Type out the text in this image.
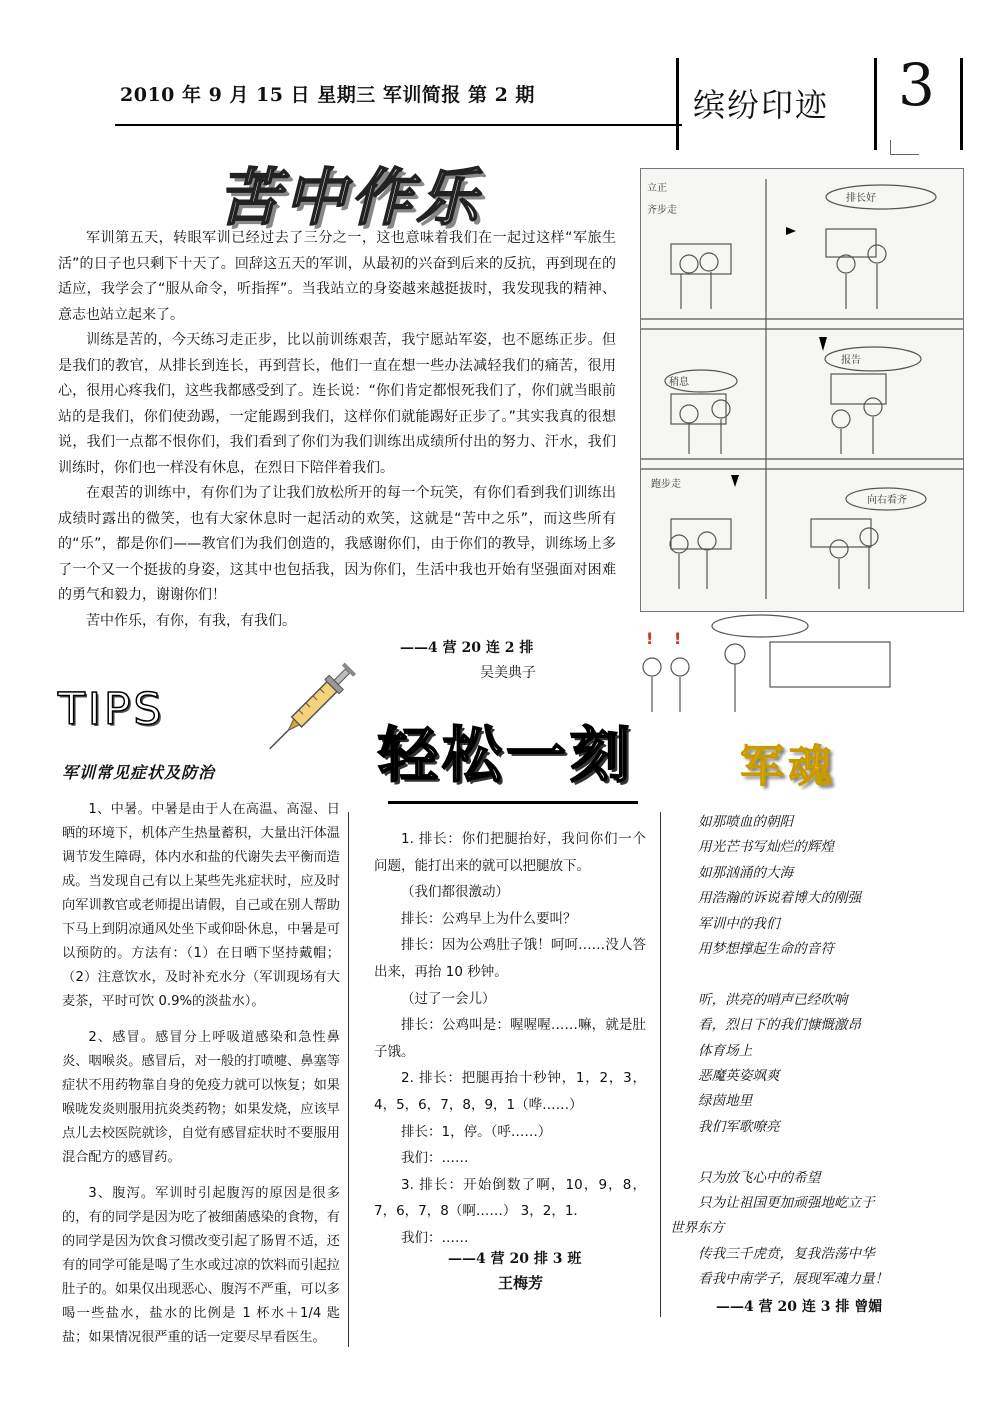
2010 年 9 月 15 日 星期三 军训简报 第 2 期	缤纷印迹 3
苦中作乐

军训第五天，转眼军训已经过去了三分之一，这也意味着我们在一起过这样“军旅生活”的日子也只剩下十天了。回辞这五天的军训，从最初的兴奋到后来的反抗，再到现在的适应，我学会了“服从命令，听指挥”。当我站立的身姿越来越挺拔时，我发现我的精神、意志也站立起来了。

训练是苦的，今天练习走正步，比以前训练艰苦，我宁愿站军姿，也不愿练正步。但是我们的教官，从排长到连长，再到营长，他们一直在想一些办法减轻我们的痛苦，很用心，很用心疼我们，这些我都感受到了。连长说：“你们肯定都恨死我们了，你们就当眼前站的是我们，你们使劲踢，一定能踢到我们，这样你们就能踢好正步了。”其实我真的很想说，我们一点都不恨你们，我们看到了你们为我们训练出成绩所付出的努力、汗水，我们训练时，你们也一样没有休息，在烈日下陪伴着我们。

在艰苦的训练中，有你们为了让我们放松所开的每一个玩笑，有你们看到我们训练出成绩时露出的微笑，也有大家休息时一起活动的欢笑，这就是“苦中之乐”，而这些所有的“乐”，都是你们——教官们为我们创造的，我感谢你们，由于你们的教导，训练场上多了一个又一个挺拔的身姿，这其中也包括我，因为你们，生活中我也开始有坚强面对困难的勇气和毅力，谢谢你们！

苦中作乐，有你，有我，有我们。

——4 营 20 连 2 排
吴美典子
立正
齐步走
排长好
稍息
报告
向右看齐
跑步走
! !
TIPS
军训常见症状及防治

1、中暑。中暑是由于人在高温、高湿、日晒的环境下，机体产生热量蓄积，大量出汗体温调节发生障碍，体内水和盐的代谢失去平衡而造成。当发现自己有以上某些先兆症状时，应及时向军训教官或老师提出请假，自己或在别人帮助下马上到阴凉通风处坐下或仰卧休息，中暑是可以预防的。方法有：（1）在日晒下坚持戴帽；（2）注意饮水，及时补充水分（军训现场有大麦茶，平时可饮 0.9%的淡盐水）。

2、感冒。感冒分上呼吸道感染和急性鼻炎、咽喉炎。感冒后，对一般的打喷嚏、鼻塞等症状不用药物靠自身的免疫力就可以恢复；如果喉咙发炎则服用抗炎类药物；如果发烧，应该早点儿去校医院就诊，自觉有感冒症状时不要服用混合配方的感冒药。

3、腹泻。军训时引起腹泻的原因是很多的，有的同学是因为吃了被细菌感染的食物，有的同学是因为饮食习惯改变引起了肠胃不适，还有的同学可能是喝了生水或过凉的饮料而引起拉肚子的。如果仅出现恶心、腹泻不严重，可以多喝一些盐水，盐水的比例是 1 杯水＋1/4 匙盐；如果情况很严重的话一定要尽早看医生。

轻松一刻

1. 排长：你们把腿抬好，我问你们一个问题，能打出来的就可以把腿放下。

（我们都很激动）

排长：公鸡早上为什么要叫？

排长：因为公鸡肚子饿！呵呵……没人答出来，再抬 10 秒钟。

（过了一会儿）

排长：公鸡叫是：喔喔喔……嘛，就是肚子饿。

2. 排长：把腿再抬十秒钟，1，2，3，4，5，6，7，8，9，1（哗……）

排长：1，停。（呼……）

我们：……

3. 排长：开始倒数了啊，10，9，8，7，6，7，8（啊……） 3，2，1.

我们：……

——4 营 20 排 3 班
王梅芳
军魂

如那喷血的朝阳

用光芒书写灿烂的辉煌

如那汹涌的大海

用浩瀚的诉说着博大的刚强

军训中的我们

用梦想撑起生命的音符

听，洪亮的哨声已经吹响

看，烈日下的我们慷慨激昂

体育场上

恶魔英姿飒爽

绿茵地里

我们军歌嘹亮

只为放飞心中的希望

只为让祖国更加顽强地屹立于

世界东方

传我三千虎贲，复我浩荡中华

看我中南学子，展现军魂力量！

——4 营 20 连 3 排 曾媚
